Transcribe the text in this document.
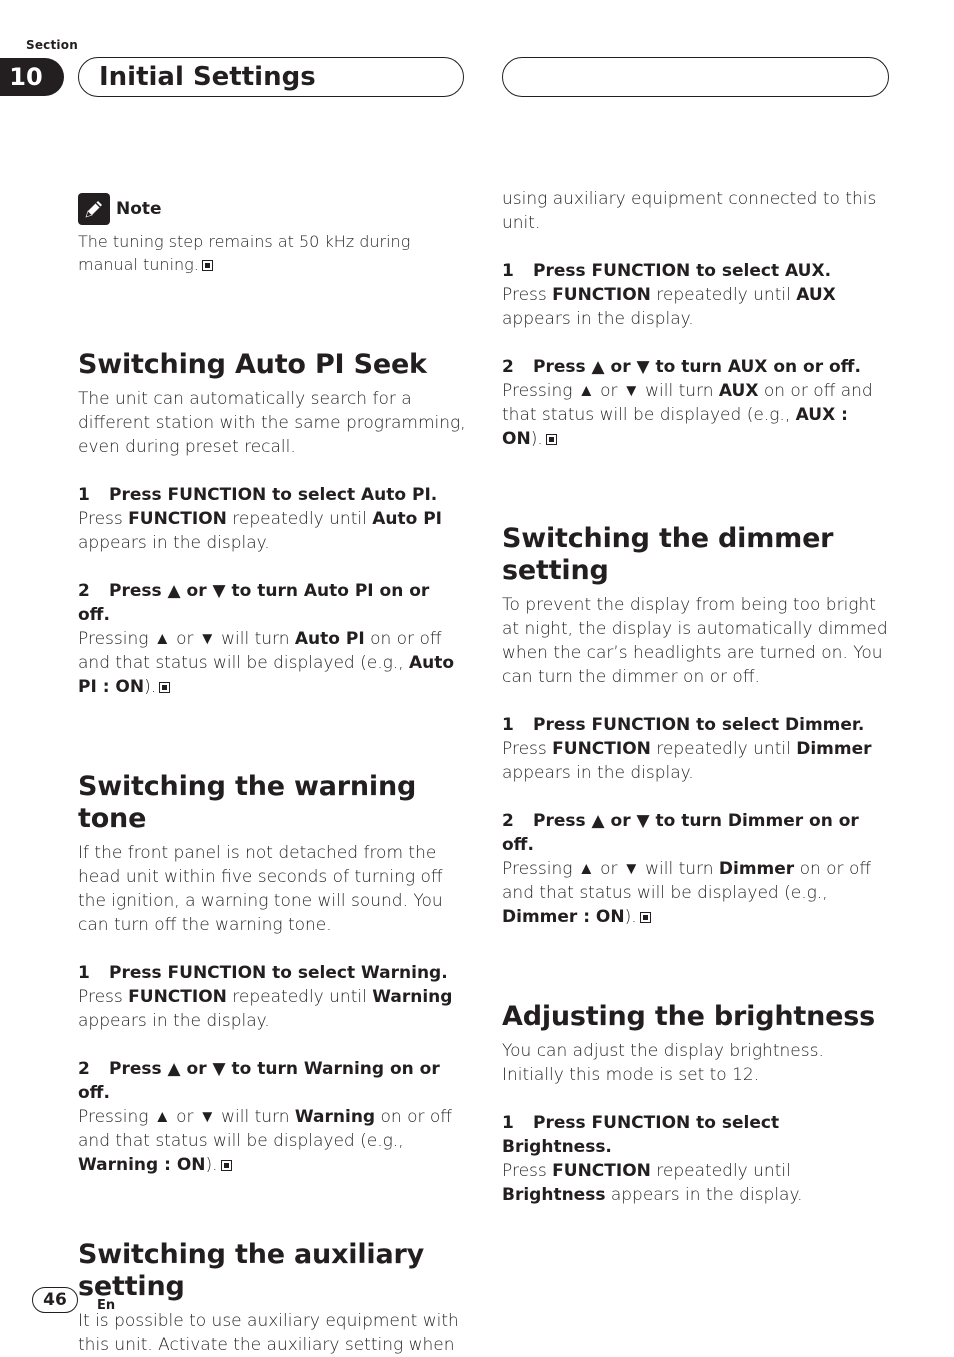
Section
10	Initial Settings
Note

The tuning step remains at 50 kHz during manual tuning.

Switching Auto PI Seek

The unit can automatically search for a different station with the same programming, even during preset recall.

1 Press FUNCTION to select Auto PI.

Press FUNCTION repeatedly until Auto PI appears in the display.

2 Press ▲ or ▼ to turn Auto PI on or off.

Pressing ▲ or ▼ will turn Auto PI on or off and that status will be displayed (e.g., Auto PI : ON).

Switching the warning tone

If the front panel is not detached from the head unit within five seconds of turning off the ignition, a warning tone will sound. You can turn off the warning tone.

1 Press FUNCTION to select Warning.

Press FUNCTION repeatedly until Warning appears in the display.

2 Press ▲ or ▼ to turn Warning on or off.

Pressing ▲ or ▼ will turn Warning on or off and that status will be displayed (e.g., Warning : ON).

Switching the auxiliary setting

It is possible to use auxiliary equipment with this unit. Activate the auxiliary setting when

using auxiliary equipment connected to this unit.

1 Press FUNCTION to select AUX.

Press FUNCTION repeatedly until AUX appears in the display.

2 Press ▲ or ▼ to turn AUX on or off.

Pressing ▲ or ▼ will turn AUX on or off and that status will be displayed (e.g., AUX : ON).

Switching the dimmer setting

To prevent the display from being too bright at night, the display is automatically dimmed when the car’s headlights are turned on. You can turn the dimmer on or off.

1 Press FUNCTION to select Dimmer.

Press FUNCTION repeatedly until Dimmer appears in the display.

2 Press ▲ or ▼ to turn Dimmer on or off.

Pressing ▲ or ▼ will turn Dimmer on or off and that status will be displayed (e.g., Dimmer : ON).

Adjusting the brightness

You can adjust the display brightness. Initially this mode is set to 12.

1 Press FUNCTION to select Brightness.

Press FUNCTION repeatedly until Brightness appears in the display.

46	En
